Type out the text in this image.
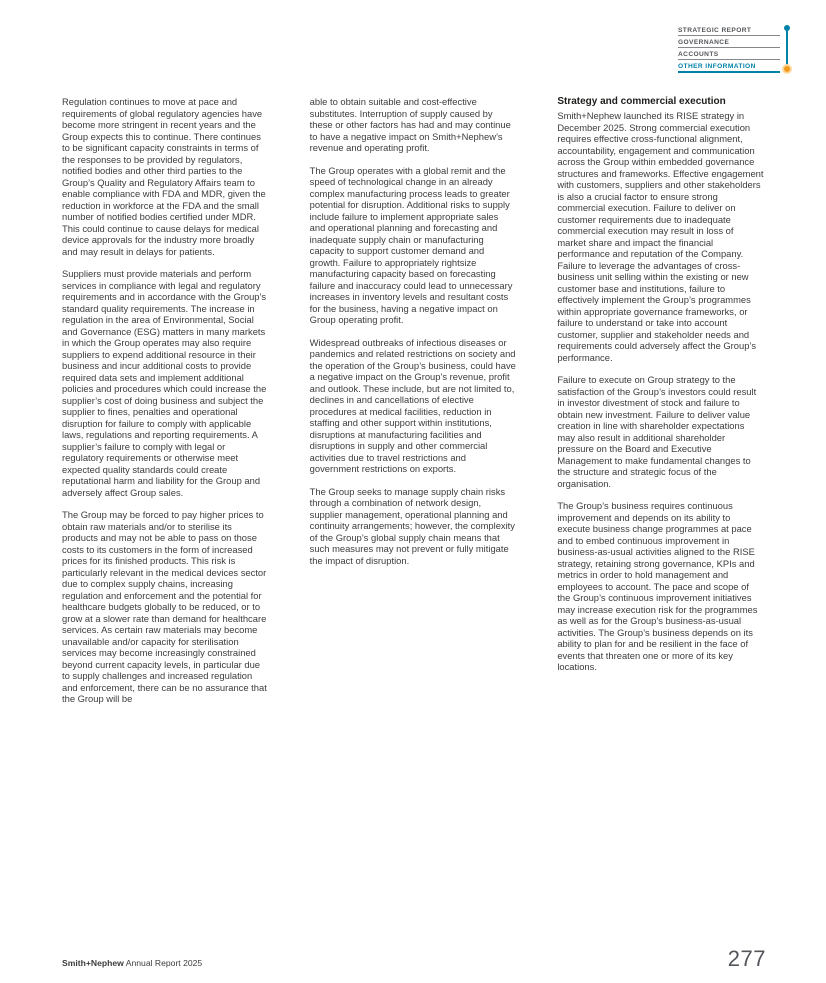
STRATEGIC REPORT
GOVERNANCE
ACCOUNTS
OTHER INFORMATION

Regulation continues to move at pace and requirements of global regulatory agencies have become more stringent in recent years and the Group expects this to continue. There continues to be significant capacity constraints in terms of the responses to be provided by regulators, notified bodies and other third parties to the Group’s Quality and Regulatory Affairs team to enable compliance with FDA and MDR, given the reduction in workforce at the FDA and the small number of notified bodies certified under MDR. This could continue to cause delays for medical device approvals for the industry more broadly and may result in delays for patients.

Suppliers must provide materials and perform services in compliance with legal and regulatory requirements and in accordance with the Group’s standard quality requirements. The increase in regulation in the area of Environmental, Social and Governance (ESG) matters in many markets in which the Group operates may also require suppliers to expend additional resource in their business and incur additional costs to provide required data sets and implement additional policies and procedures which could increase the supplier’s cost of doing business and subject the supplier to fines, penalties and operational disruption for failure to comply with applicable laws, regulations and reporting requirements. A supplier’s failure to comply with legal or regulatory requirements or otherwise meet expected quality standards could create reputational harm and liability for the Group and adversely affect Group sales.

The Group may be forced to pay higher prices to obtain raw materials and/or to sterilise its products and may not be able to pass on those costs to its customers in the form of increased prices for its finished products. This risk is particularly relevant in the medical devices sector due to complex supply chains, increasing regulation and enforcement and the potential for healthcare budgets globally to be reduced, or to grow at a slower rate than demand for healthcare services. As certain raw materials may become unavailable and/or capacity for sterilisation services may become increasingly constrained beyond current capacity levels, in particular due to supply challenges and increased regulation and enforcement, there can be no assurance that the Group will be

able to obtain suitable and cost-effective substitutes. Interruption of supply caused by these or other factors has had and may continue to have a negative impact on Smith+Nephew’s revenue and operating profit.

The Group operates with a global remit and the speed of technological change in an already complex manufacturing process leads to greater potential for disruption. Additional risks to supply include failure to implement appropriate sales and operational planning and forecasting and inadequate supply chain or manufacturing capacity to support customer demand and growth. Failure to appropriately rightsize manufacturing capacity based on forecasting failure and inaccuracy could lead to unnecessary increases in inventory levels and resultant costs for the business, having a negative impact on Group operating profit.

Widespread outbreaks of infectious diseases or pandemics and related restrictions on society and the operation of the Group’s business, could have a negative impact on the Group’s revenue, profit and outlook. These include, but are not limited to, declines in and cancellations of elective procedures at medical facilities, reduction in staffing and other support within institutions, disruptions at manufacturing facilities and disruptions in supply and other commercial activities due to travel restrictions and government restrictions on exports.

The Group seeks to manage supply chain risks through a combination of network design, supplier management, operational planning and continuity arrangements; however, the complexity of the Group’s global supply chain means that such measures may not prevent or fully mitigate the impact of disruption.

Strategy and commercial execution

Smith+Nephew launched its RISE strategy in December 2025. Strong commercial execution requires effective cross-functional alignment, accountability, engagement and communication across the Group within embedded governance structures and frameworks. Effective engagement with customers, suppliers and other stakeholders is also a crucial factor to ensure strong commercial execution. Failure to deliver on customer requirements due to inadequate commercial execution may result in loss of market share and impact the financial performance and reputation of the Company. Failure to leverage the advantages of cross-business unit selling within the existing or new customer base and institutions, failure to effectively implement the Group’s programmes within appropriate governance frameworks, or failure to understand or take into account customer, supplier and stakeholder needs and requirements could adversely affect the Group’s performance.

Failure to execute on Group strategy to the satisfaction of the Group’s investors could result in investor divestment of stock and failure to obtain new investment. Failure to deliver value creation in line with shareholder expectations may also result in additional shareholder pressure on the Board and Executive Management to make fundamental changes to the structure and strategic focus of the organisation.

The Group’s business requires continuous improvement and depends on its ability to execute business change programmes at pace and to embed continuous improvement in business-as-usual activities aligned to the RISE strategy, retaining strong governance, KPIs and metrics in order to hold management and employees to account. The pace and scope of the Group’s continuous improvement initiatives may increase execution risk for the programmes as well as for the Group’s business-as-usual activities. The Group’s business depends on its ability to plan for and be resilient in the face of events that threaten one or more of its key locations.

Smith+Nephew Annual Report 2025	277
